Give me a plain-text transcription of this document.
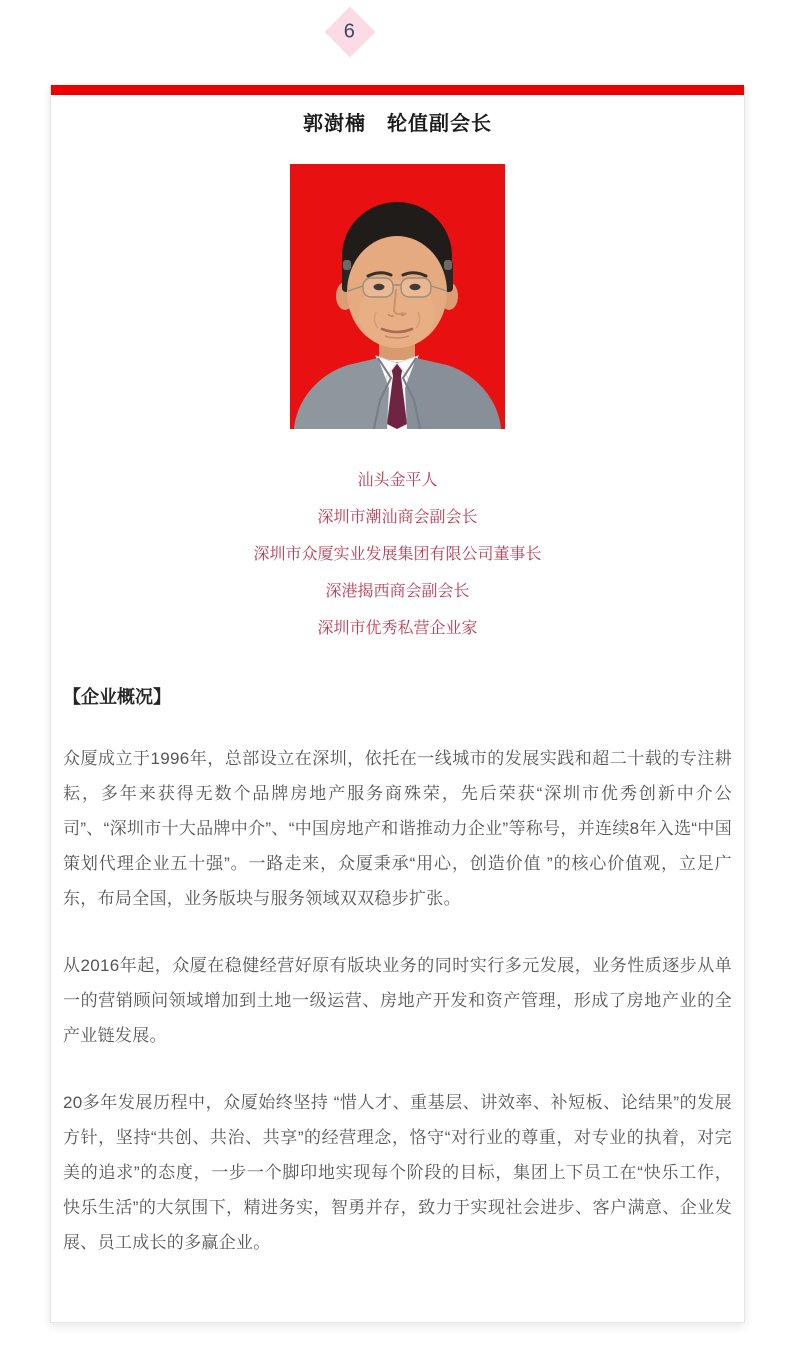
6
郭澍楠　轮值副会长

汕头金平人

深圳市潮汕商会副会长

深圳市众厦实业发展集团有限公司董事长

深港揭西商会副会长

深圳市优秀私营企业家

【企业概况】

众厦成立于1996年，总部设立在深圳，依托在一线城市的发展实践和超二十载的专注耕耘，多年来获得无数个品牌房地产服务商殊荣，先后荣获“深圳市优秀创新中介公司”、“深圳市十大品牌中介”、“中国房地产和谐推动力企业”等称号，并连续8年入选“中国策划代理企业五十强”。一路走来，众厦秉承“用心，创造价值 ”的核心价值观，立足广东，布局全国，业务版块与服务领域双双稳步扩张。

从2016年起，众厦在稳健经营好原有版块业务的同时实行多元发展，业务性质逐步从单一的营销顾问领域增加到土地一级运营、房地产开发和资产管理，形成了房地产业的全产业链发展。

20多年发展历程中，众厦始终坚持 “惜人才、重基层、讲效率、补短板、论结果”的发展方针，坚持“共创、共治、共享”的经营理念，恪守“对行业的尊重，对专业的执着，对完美的追求”的态度，一步一个脚印地实现每个阶段的目标，集团上下员工在“快乐工作，快乐生活”的大氛围下，精进务实，智勇并存，致力于实现社会进步、客户满意、企业发展、员工成长的多赢企业。
